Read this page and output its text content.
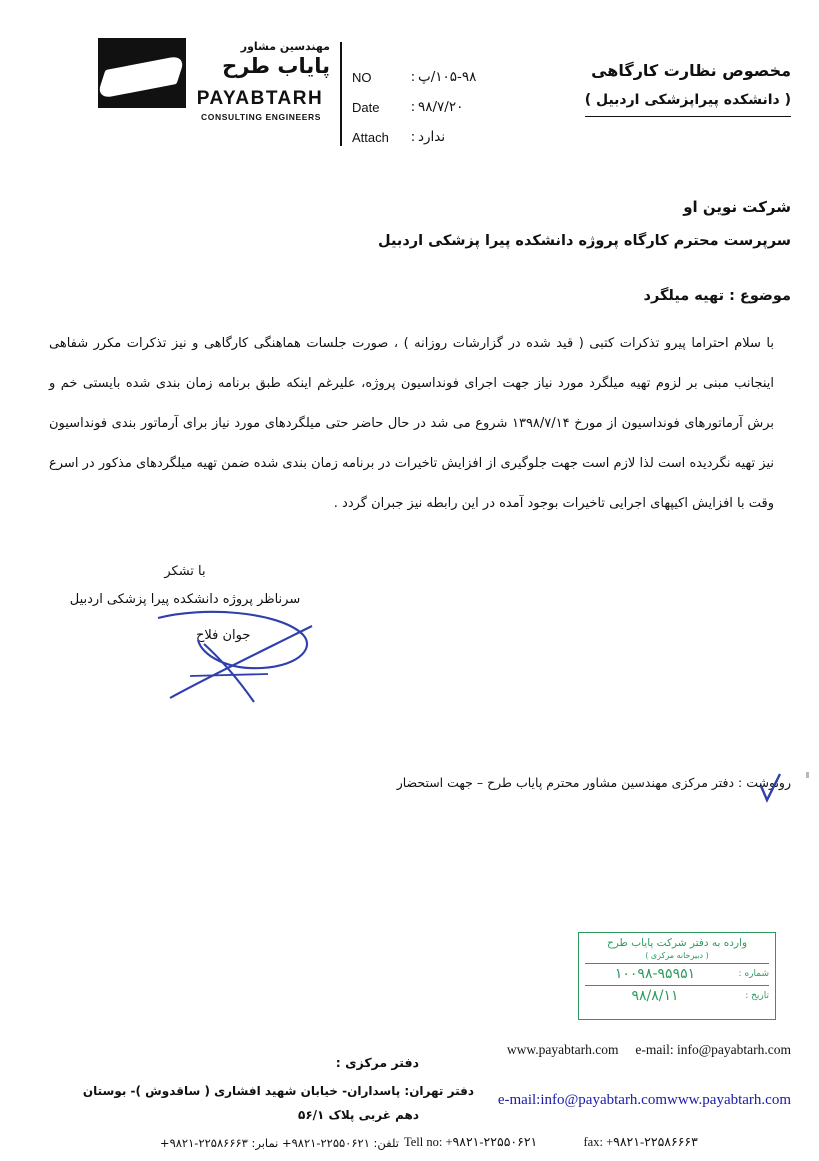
مهندسین مشاور
پایاب طرح
PAYABTARH
CONSULTING ENGINEERS
NO	: ۱۰۵-۹۸/پ
Date	: ۹۸/۷/۲۰
Attach	: ندارد
مخصوص نظارت کارگاهی
( دانشکده پیراپزشکی اردبیل )
شرکت نوین او
سرپرست محترم کارگاه پروژه دانشکده پیرا پزشکی اردبیل
موضوع : تهیه میلگرد
با سلام احتراما پیرو تذکرات کتبی ( قید شده در گزارشات روزانه ) ، صورت جلسات هماهنگی کارگاهی و نیز تذکرات مکرر شفاهی اینجانب مبنی بر لزوم تهیه میلگرد مورد نیاز جهت اجرای فونداسیون پروژه، علیرغم اینکه طبق برنامه زمان بندی شده بایستی خم و برش آرماتورهای فونداسیون از مورخ ۱۳۹۸/۷/۱۴ شروع می شد در حال حاضر حتی میلگردهای مورد نیاز برای آرماتور بندی فونداسیون نیز تهیه نگردیده است لذا لازم است جهت جلوگیری از افزایش تاخیرات در برنامه زمان بندی شده ضمن تهیه میلگردهای مذکور در اسرع وقت با افزایش اکیپهای اجرایی تاخیرات بوجود آمده در این رابطه نیز جبران گردد .
با تشکر
سرناظر پروژه دانشکده پیرا پزشکی اردبیل
جوان فلاح
رونوشت : دفتر مرکزی مهندسین مشاور محترم پایاب طرح – جهت استحضار
وارده به دفتر شرکت پایاب طرح
( دبیرخانه مرکزی )
شماره :
۱۰۰۹۸-۹۵۹۵۱
تاریخ :
۹۸/۸/۱۱
www.payabtarh.com e-mail: info@payabtarh.com
e-mail:info@payabtarh.comwww.payabtarh.com
دفتر مرکزی :
دفتر تهران: پاسداران- خیابان شهید افشاری ( ساقدوش )- بوستان
دهم غربی پلاک ۵۶/۱
تلفن: ۲۲۵۵۰۶۲۱-۹۸۲۱+ نمابر: ۲۲۵۸۶۶۶۳-۹۸۲۱+ Tell no: +۹۸۲۱-۲۲۵۵۰۶۲۱	fax: +۹۸۲۱-۲۲۵۸۶۶۶۳
